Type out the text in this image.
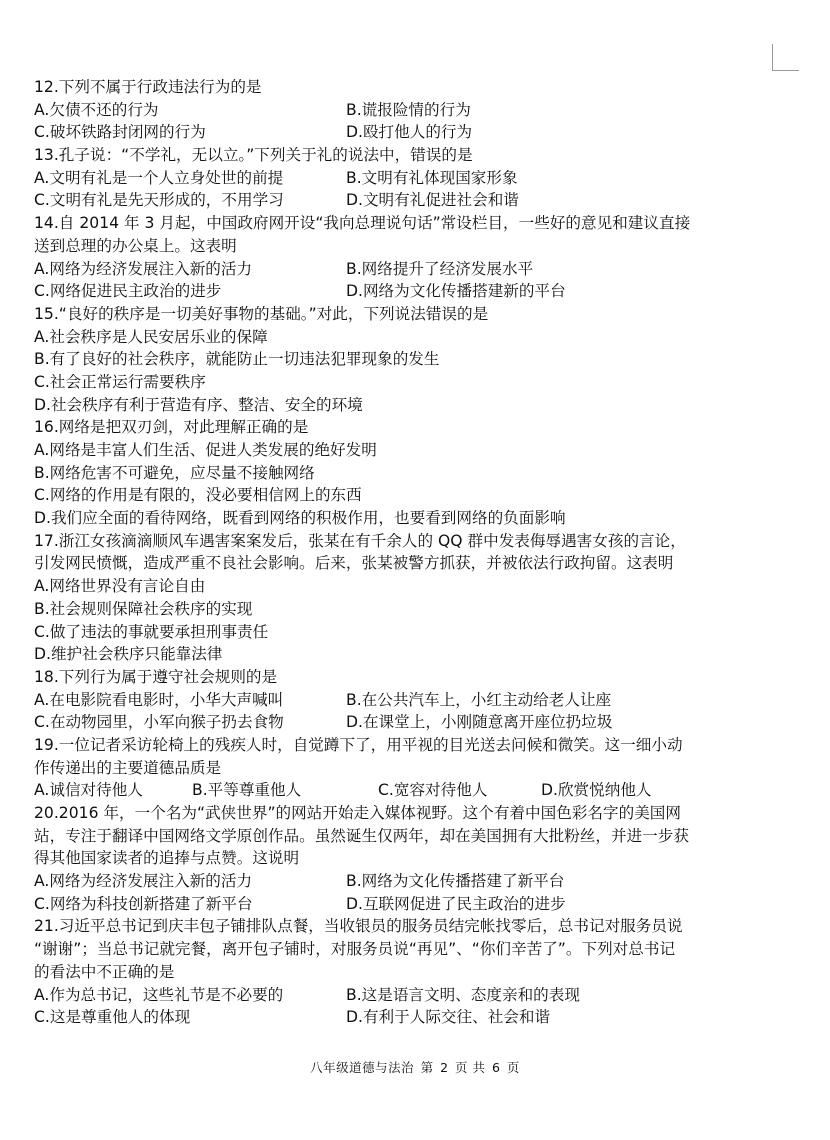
12.下列不属于行政违法行为的是
A.欠债不还的行为	B.谎报险情的行为
C.破坏铁路封闭网的行为	D.殴打他人的行为
13.孔子说：“不学礼，无以立。”下列关于礼的说法中，错误的是
A.文明有礼是一个人立身处世的前提	B.文明有礼体现国家形象
C.文明有礼是先天形成的，不用学习	D.文明有礼促进社会和谐
14.自 2014 年 3 月起，中国政府网开设“我向总理说句话”常设栏目，一些好的意见和建议直接
送到总理的办公桌上。这表明
A.网络为经济发展注入新的活力	B.网络提升了经济发展水平
C.网络促进民主政治的进步	D.网络为文化传播搭建新的平台
15.“良好的秩序是一切美好事物的基础。”对此，下列说法错误的是
A.社会秩序是人民安居乐业的保障
B.有了良好的社会秩序，就能防止一切违法犯罪现象的发生
C.社会正常运行需要秩序
D.社会秩序有利于营造有序、整洁、安全的环境
16.网络是把双刃剑，对此理解正确的是
A.网络是丰富人们生活、促进人类发展的绝好发明
B.网络危害不可避免，应尽量不接触网络
C.网络的作用是有限的，没必要相信网上的东西
D.我们应全面的看待网络，既看到网络的积极作用，也要看到网络的负面影响
17.浙江女孩滴滴顺风车遇害案案发后，张某在有千余人的 QQ 群中发表侮辱遇害女孩的言论，
引发网民愤慨，造成严重不良社会影响。后来，张某被警方抓获，并被依法行政拘留。这表明
A.网络世界没有言论自由
B.社会规则保障社会秩序的实现
C.做了违法的事就要承担刑事责任
D.维护社会秩序只能靠法律
18.下列行为属于遵守社会规则的是
A.在电影院看电影时，小华大声喊叫	B.在公共汽车上，小红主动给老人让座
C.在动物园里，小军向猴子扔去食物	D.在课堂上，小刚随意离开座位扔垃圾
19.一位记者采访轮椅上的残疾人时，自觉蹲下了，用平视的目光送去问候和微笑。这一细小动
作传递出的主要道德品质是
A.诚信对待他人	B.平等尊重他人	C.宽容对待他人	D.欣赏悦纳他人
20.2016 年，一个名为“武侠世界”的网站开始走入媒体视野。这个有着中国色彩名字的美国网
站，专注于翻译中国网络文学原创作品。虽然诞生仅两年，却在美国拥有大批粉丝，并进一步获
得其他国家读者的追捧与点赞。这说明
A.网络为经济发展注入新的活力	B.网络为文化传播搭建了新平台
C.网络为科技创新搭建了新平台	D.互联网促进了民主政治的进步
21.习近平总书记到庆丰包子铺排队点餐，当收银员的服务员结完帐找零后，总书记对服务员说
“谢谢”；当总书记就完餐，离开包子铺时，对服务员说“再见”、“你们辛苦了”。下列对总书记
的看法中不正确的是
A.作为总书记，这些礼节是不必要的	B.这是语言文明、态度亲和的表现
C.这是尊重他人的体现	D.有利于人际交往、社会和谐
八年级道德与法治 第 2 页 共 6 页
